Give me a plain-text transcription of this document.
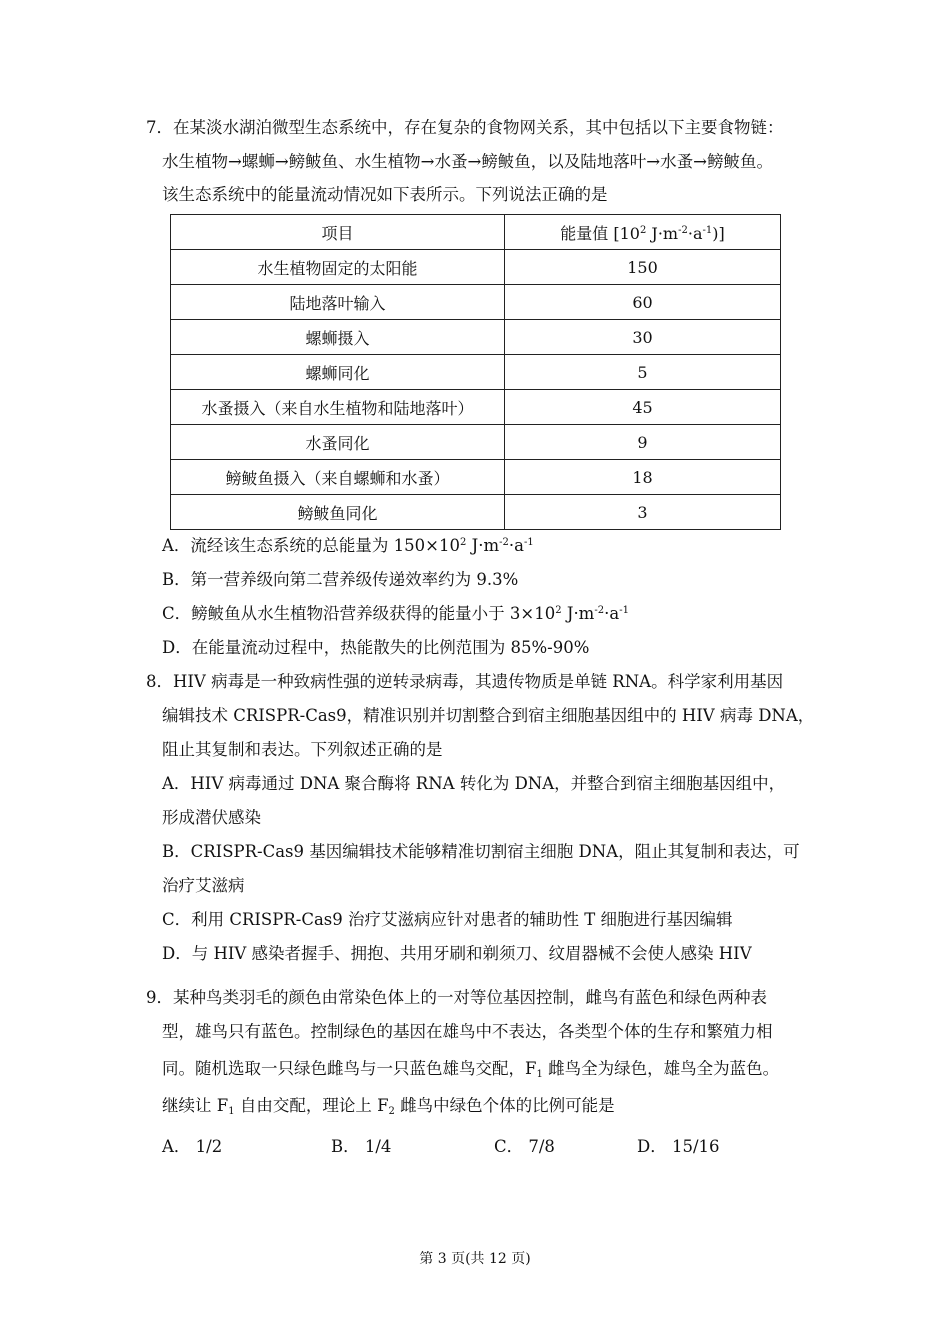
7．在某淡水湖泊微型生态系统中，存在复杂的食物网关系，其中包括以下主要食物链：
水生植物→螺蛳→鳑鲏鱼、水生植物→水蚤→鳑鲏鱼，以及陆地落叶→水蚤→鳑鲏鱼。
该生态系统中的能量流动情况如下表所示。下列说法正确的是
项目	能量值 [$10^2$ $J\cdot m^{-2}\cdot a^{-1}$)]
水生植物固定的太阳能	150
陆地落叶输入	60
螺蛳摄入	30
螺蛳同化	5
水蚤摄入（来自水生植物和陆地落叶）	45
水蚤同化	9
鳑鲏鱼摄入（来自螺蛳和水蚤）	18
鳑鲏鱼同化	3
A．流经该生态系统的总能量为 $150\times 10^2$ $J\cdot m^{-2}\cdot a^{-1}$
B．第一营养级向第二营养级传递效率约为 9.3%
C．鳑鲏鱼从水生植物沿营养级获得的能量小于 $3\times 10^2$ $J\cdot m^{-2}\cdot a^{-1}$
D．在能量流动过程中，热能散失的比例范围为 85%-90%
8．HIV 病毒是一种致病性强的逆转录病毒，其遗传物质是单链 RNA。科学家利用基因
编辑技术 CRISPR-Cas9，精准识别并切割整合到宿主细胞基因组中的 HIV 病毒 DNA，
阻止其复制和表达。下列叙述正确的是
A．HIV 病毒通过 DNA 聚合酶将 RNA 转化为 DNA，并整合到宿主细胞基因组中，
形成潜伏感染
B．CRISPR-Cas9 基因编辑技术能够精准切割宿主细胞 DNA，阻止其复制和表达，可
治疗艾滋病
C．利用 CRISPR-Cas9 治疗艾滋病应针对患者的辅助性 T 细胞进行基因编辑
D．与 HIV 感染者握手、拥抱、共用牙刷和剃须刀、纹眉器械不会使人感染 HIV
9．某种鸟类羽毛的颜色由常染色体上的一对等位基因控制，雌鸟有蓝色和绿色两种表
型，雄鸟只有蓝色。控制绿色的基因在雄鸟中不表达，各类型个体的生存和繁殖力相
同。随机选取一只绿色雌鸟与一只蓝色雄鸟交配，$F_1$ 雌鸟全为绿色，雄鸟全为蓝色。
继续让 $F_1$ 自由交配，理论上 $F_2$ 雌鸟中绿色个体的比例可能是
A． 1/2	B． 1/4	C． 7/8	D． 15/16
第 3 页(共 12 页)
